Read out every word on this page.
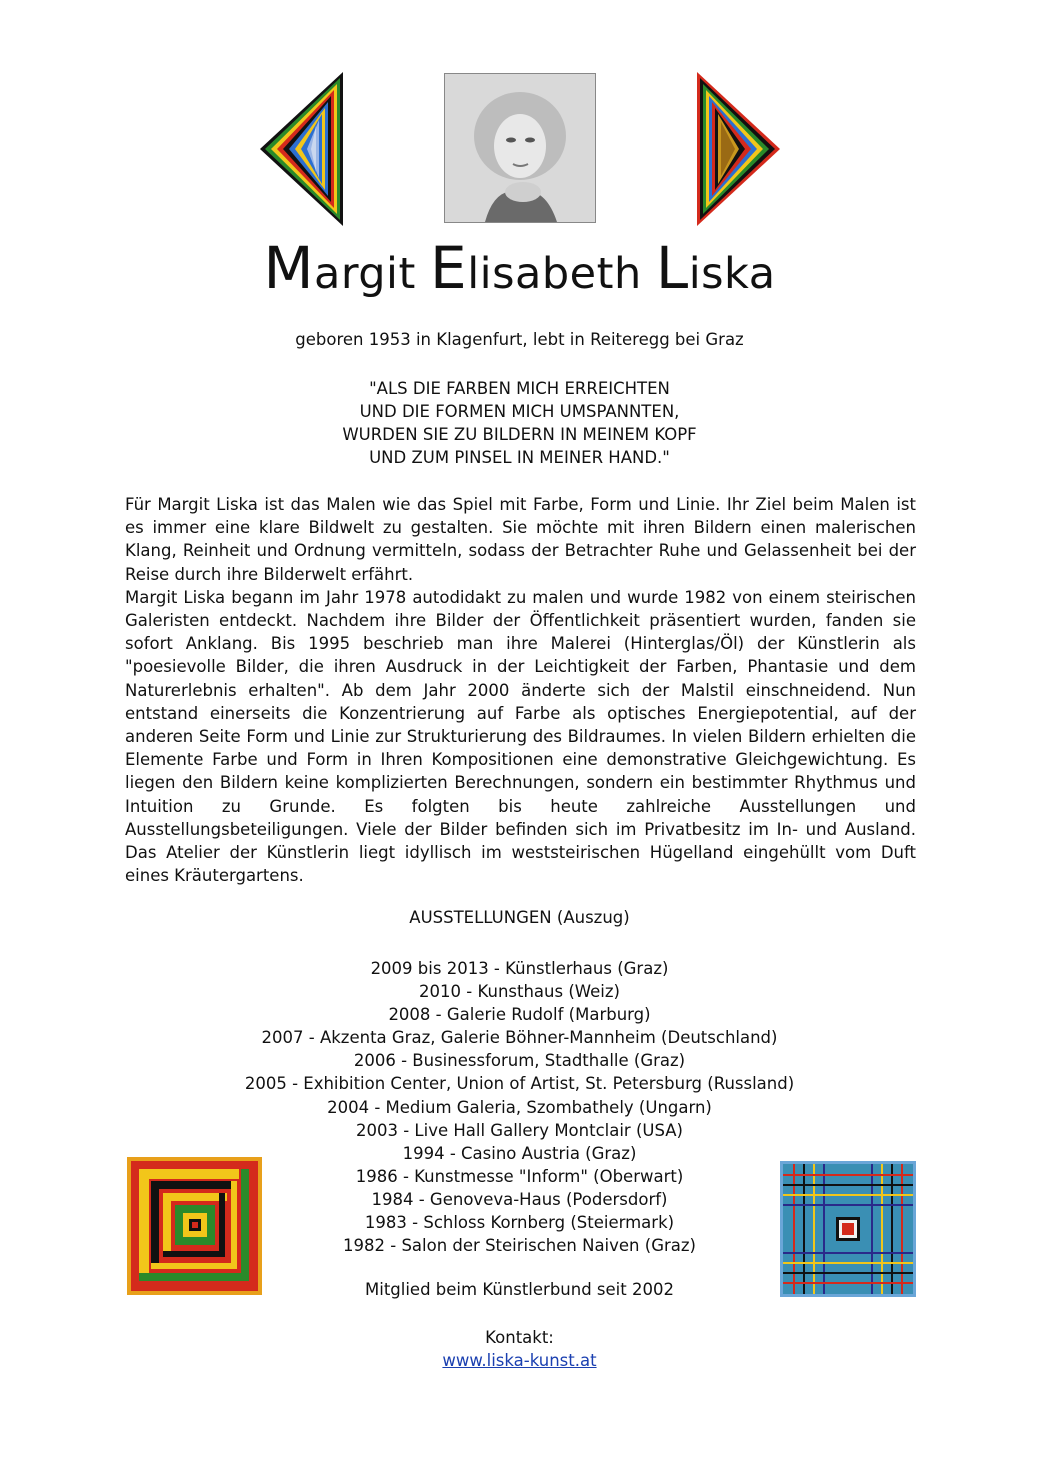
Margit Elisabeth Liska
geboren 1953 in Klagenfurt, lebt in Reiteregg bei Graz
"ALS DIE FARBEN MICH ERREICHTEN
UND DIE FORMEN MICH UMSPANNTEN,
WURDEN SIE ZU BILDERN IN MEINEM KOPF
UND ZUM PINSEL IN MEINER HAND."

Für Margit Liska ist das Malen wie das Spiel mit Farbe, Form und Linie. Ihr Ziel beim Malen ist es immer eine klare Bildwelt zu gestalten. Sie möchte mit ihren Bildern einen malerischen Klang, Reinheit und Ordnung vermitteln, sodass der Betrachter Ruhe und Gelassenheit bei der Reise durch ihre Bilderwelt erfährt.

Margit Liska begann im Jahr 1978 autodidakt zu malen und wurde 1982 von einem steirischen Galeristen entdeckt. Nachdem ihre Bilder der Öffentlichkeit präsentiert wurden, fanden sie sofort Anklang. Bis 1995 beschrieb man ihre Malerei (Hinterglas/Öl) der Künstlerin als "poesievolle Bilder, die ihren Ausdruck in der Leichtigkeit der Farben, Phantasie und dem Naturerlebnis erhalten". Ab dem Jahr 2000 änderte sich der Malstil einschneidend. Nun entstand einerseits die Konzentrierung auf Farbe als optisches Energiepotential, auf der anderen Seite Form und Linie zur Strukturierung des Bildraumes. In vielen Bildern erhielten die Elemente Farbe und Form in Ihren Kompositionen eine demonstrative Gleichgewichtung. Es liegen den Bildern keine komplizierten Berechnungen, sondern ein bestimmter Rhythmus und Intuition zu Grunde. Es folgten bis heute zahlreiche Ausstellungen und Ausstellungsbeteiligungen. Viele der Bilder befinden sich im Privatbesitz im In- und Ausland. Das Atelier der Künstlerin liegt idyllisch im weststeirischen Hügelland eingehüllt vom Duft eines Kräutergartens.

AUSSTELLUNGEN (Auszug)
2009 bis 2013 - Künstlerhaus (Graz)
2010 - Kunsthaus (Weiz)
2008 - Galerie Rudolf (Marburg)
2007 - Akzenta Graz, Galerie Böhner-Mannheim (Deutschland)
2006 - Businessforum, Stadthalle (Graz)
2005 - Exhibition Center, Union of Artist, St. Petersburg (Russland)
2004 - Medium Galeria, Szombathely (Ungarn)
2003 - Live Hall Gallery Montclair (USA)
1994 - Casino Austria (Graz)
1986 - Kunstmesse "Inform" (Oberwart)
1984 - Genoveva-Haus (Podersdorf)
1983 - Schloss Kornberg (Steiermark)
1982 - Salon der Steirischen Naiven (Graz)
Mitglied beim Künstlerbund seit 2002
Kontakt:
www.liska-kunst.at
